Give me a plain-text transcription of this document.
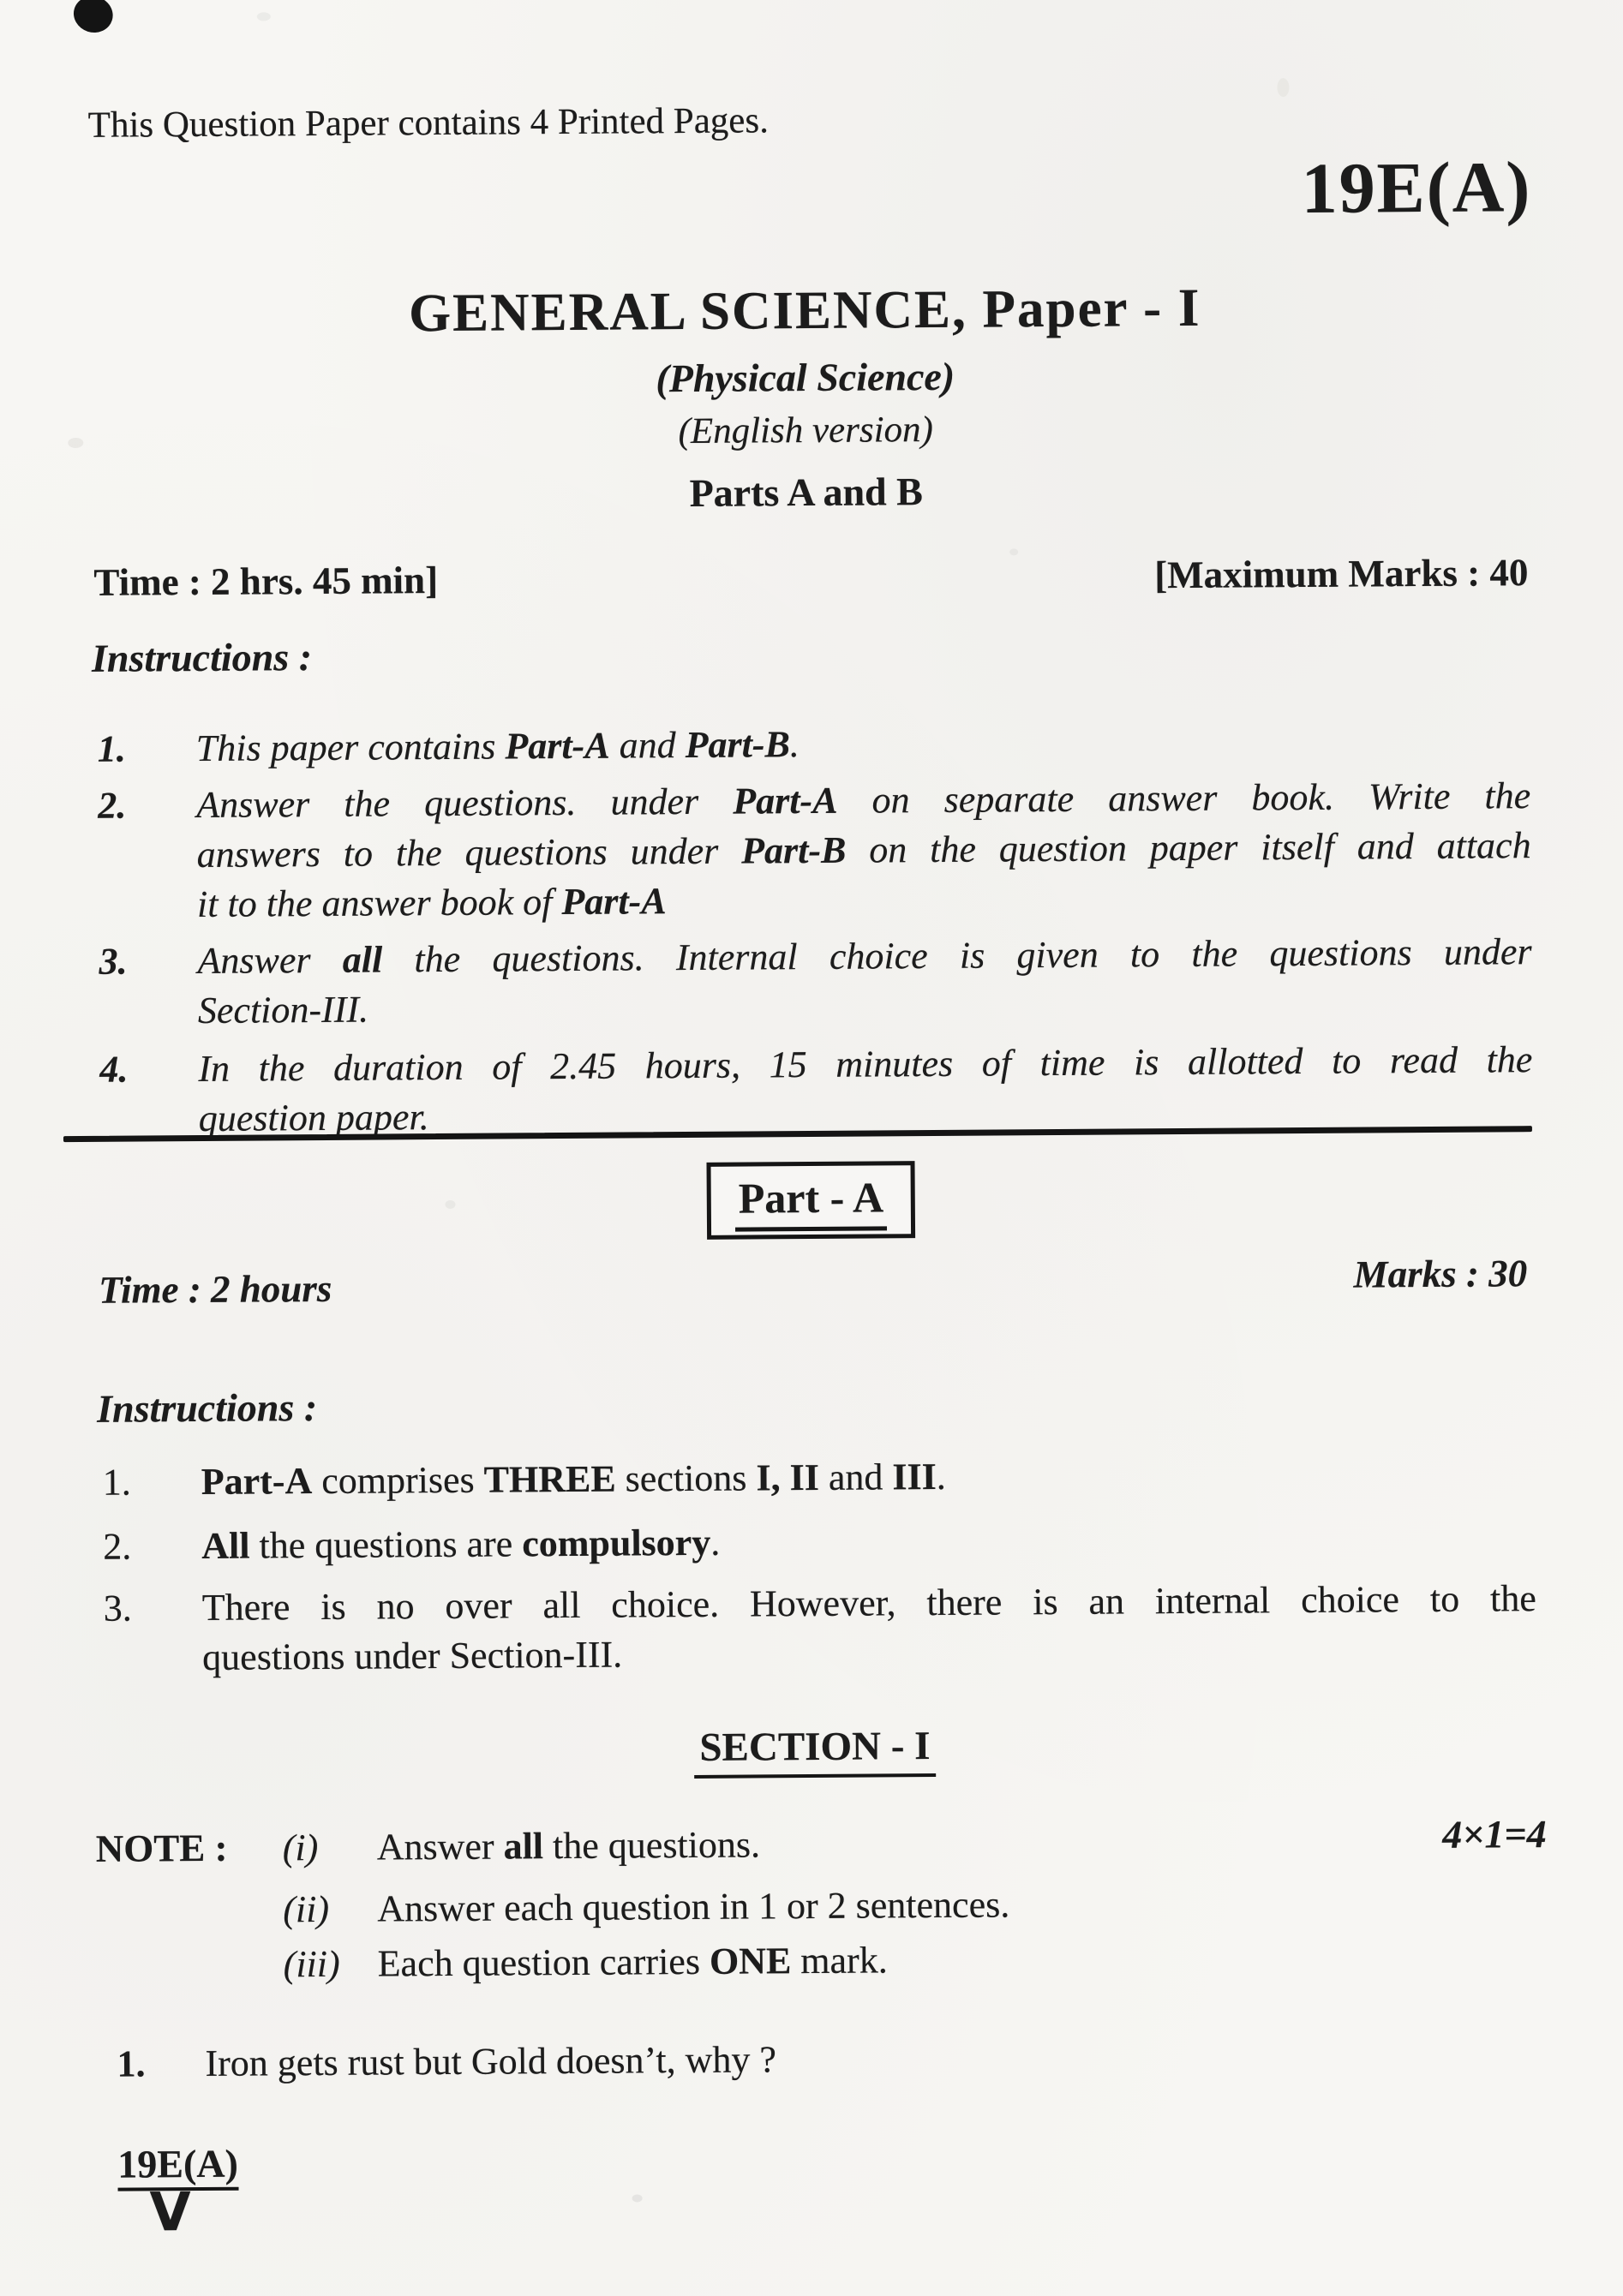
This Question Paper contains 4 Printed Pages.
19E(A)
GENERAL SCIENCE, Paper - I
(Physical Science)
(English version)
Parts A and B
Time : 2 hrs. 45 min]	[Maximum Marks : 40
Instructions :
1. This paper contains Part-A and Part-B.
2. Answer the questions. under Part-A on separate answer book. Write the
answers to the questions under Part-B on the question paper itself and attach
it to the answer book of Part-A
3. Answer all the questions. Internal choice is given to the questions under
Section-III.
4. In the duration of 2.45 hours, 15 minutes of time is allotted to read the
question paper.
Part - A
Time : 2 hours	Marks : 30
Instructions :
1. Part-A comprises THREE sections I, II and III.
2. All the questions are compulsory.
3. There is no over all choice. However, there is an internal choice to the
questions under Section-III.
SECTION - I
NOTE :	4×1=4
(i) Answer all the questions.
(ii) Answer each question in 1 or 2 sentences.
(iii) Each question carries ONE mark.
1. Iron gets rust but Gold doesn’t, why ?
19E(A)
V
